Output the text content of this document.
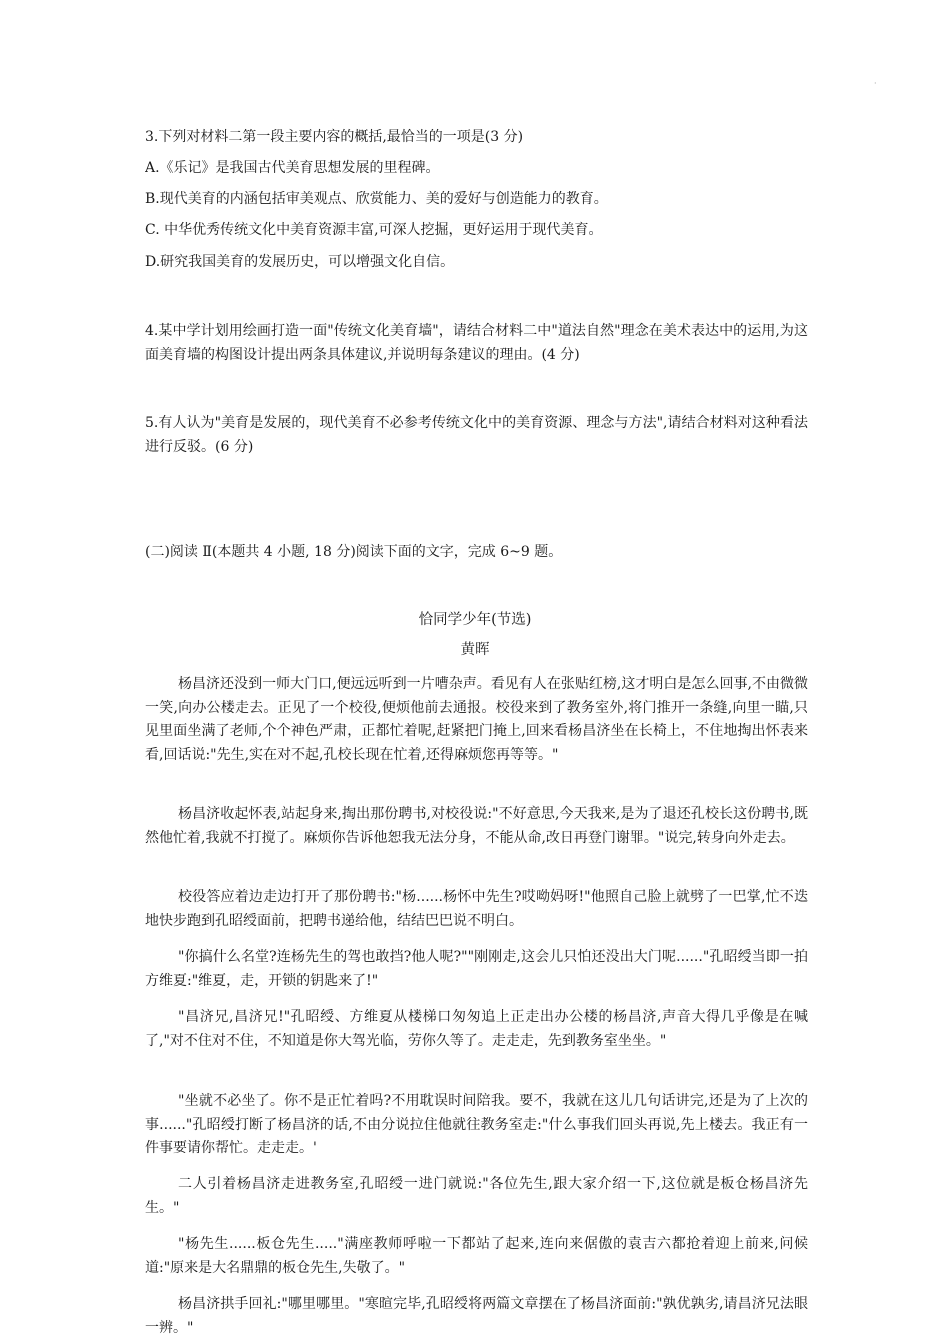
·
3.下列对材料二第一段主要内容的概括,最恰当的一项是(3 分)
A.《乐记》是我国古代美育思想发展的里程碑。
B.现代美育的内涵包括审美观点、欣赏能力、美的爱好与创造能力的教育。
C. 中华优秀传统文化中美育资源丰富,可深人挖掘，更好运用于现代美育。
D.研究我国美育的发展历史，可以增强文化自信。
4.某中学计划用绘画打造一面"传统文化美育墙"，请结合材料二中"道法自然"理念在美术表达中的运用,为这面美育墙的构图设计提出两条具体建议,并说明每条建议的理由。(4 分)
5.有人认为"美育是发展的，现代美育不必参考传统文化中的美育资源、理念与方法",请结合材料对这种看法进行反驳。(6 分)
(二)阅读 Ⅱ(本题共 4 小题, 18 分)阅读下面的文字，完成 6~9 题。
恰同学少年(节选)
黄晖
杨昌济还没到一师大门口,便远远听到一片嘈杂声。看见有人在张贴红榜,这才明白是怎么回事,不由微微一笑,向办公楼走去。正见了一个校役,便烦他前去通报。校役来到了教务室外,将门推开一条缝,向里一瞄,只见里面坐满了老师,个个神色严肃，正都忙着呢,赶紧把门掩上,回来看杨昌济坐在长椅上，不住地掏出怀表来看,回话说:"先生,实在对不起,孔校长现在忙着,还得麻烦您再等等。"
杨昌济收起怀表,站起身来,掏出那份聘书,对校役说:"不好意思,今天我来,是为了退还孔校长这份聘书,既然他忙着,我就不打搅了。麻烦你告诉他恕我无法分身，不能从命,改日再登门谢罪。"说完,转身向外走去。
校役答应着边走边打开了那份聘书:"杨......杨怀中先生?哎呦妈呀!"他照自己脸上就劈了一巴掌,忙不迭地快步跑到孔昭绶面前，把聘书递给他，结结巴巴说不明白。
"你搞什么名堂?连杨先生的驾也敢挡?他人呢?""刚刚走,这会儿只怕还没出大门呢......"孔昭绶当即一拍方维夏:"维夏，走，开锁的钥匙来了!"
"昌济兄,昌济兄!"孔昭绶、方维夏从楼梯口匆匆追上正走出办公楼的杨昌济,声音大得几乎像是在喊了,"对不住对不住，不知道是你大驾光临，劳你久等了。走走走，先到教务室坐坐。"
"坐就不必坐了。你不是正忙着吗?不用耽误时间陪我。要不，我就在这儿几句话讲完,还是为了上次的事......"孔昭绶打断了杨昌济的话,不由分说拉住他就往教务室走:"什么事我们回头再说,先上楼去。我正有一件事要请你帮忙。走走走。'
二人引着杨昌济走进教务室,孔昭绶一进门就说:"各位先生,跟大家介绍一下,这位就是板仓杨昌济先生。"
"杨先生......板仓先生....."满座教师呼啦一下都站了起来,连向来倨傲的袁吉六都抢着迎上前来,问候道:"原来是大名鼎鼎的板仓先生,失敬了。"
杨昌济拱手回礼:"哪里哪里。"寒暄完毕,孔昭绶将两篇文章摆在了杨昌济面前:"孰优孰劣,请昌济兄法眼一辨。"
